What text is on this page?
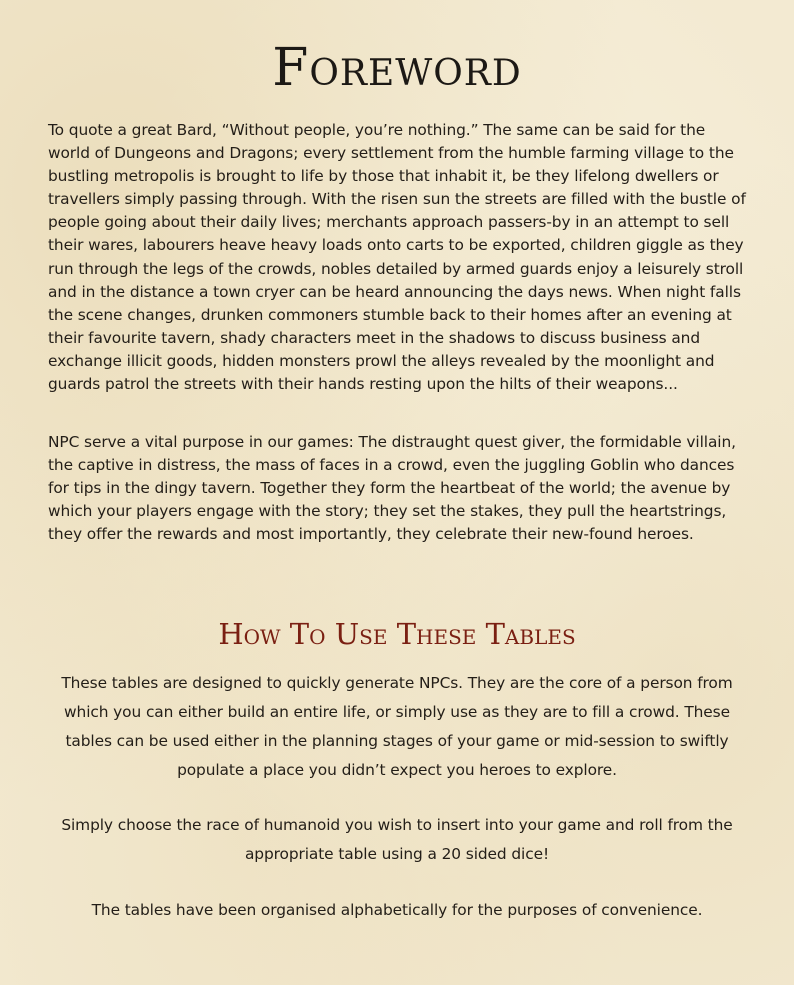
Foreword

To quote a great Bard, “Without people, you’re nothing.” The same can be said for the world of Dungeons and Dragons; every settlement from the humble farming village to the bustling metropolis is brought to life by those that inhabit it, be they lifelong dwellers or travellers simply passing through. With the risen sun the streets are filled with the bustle of people going about their daily lives; merchants approach passers-by in an attempt to sell their wares, labourers heave heavy loads onto carts to be exported, children giggle as they run through the legs of the crowds, nobles detailed by armed guards enjoy a leisurely stroll and in the distance a town cryer can be heard announcing the days news. When night falls the scene changes, drunken commoners stumble back to their homes after an evening at their favourite tavern, shady characters meet in the shadows to discuss business and exchange illicit goods, hidden monsters prowl the alleys revealed by the moonlight and guards patrol the streets with their hands resting upon the hilts of their weapons...

NPC serve a vital purpose in our games: The distraught quest giver, the formidable villain, the captive in distress, the mass of faces in a crowd, even the juggling Goblin who dances for tips in the dingy tavern. Together they form the heartbeat of the world; the avenue by which your players engage with the story; they set the stakes, they pull the heartstrings, they offer the rewards and most importantly, they celebrate their new-found heroes.

How To Use These Tables

These tables are designed to quickly generate NPCs. They are the core of a person from which you can either build an entire life, or simply use as they are to fill a crowd. These tables can be used either in the planning stages of your game or mid-session to swiftly populate a place you didn’t expect you heroes to explore.

Simply choose the race of humanoid you wish to insert into your game and roll from the appropriate table using a 20 sided dice!

The tables have been organised alphabetically for the purposes of convenience.
